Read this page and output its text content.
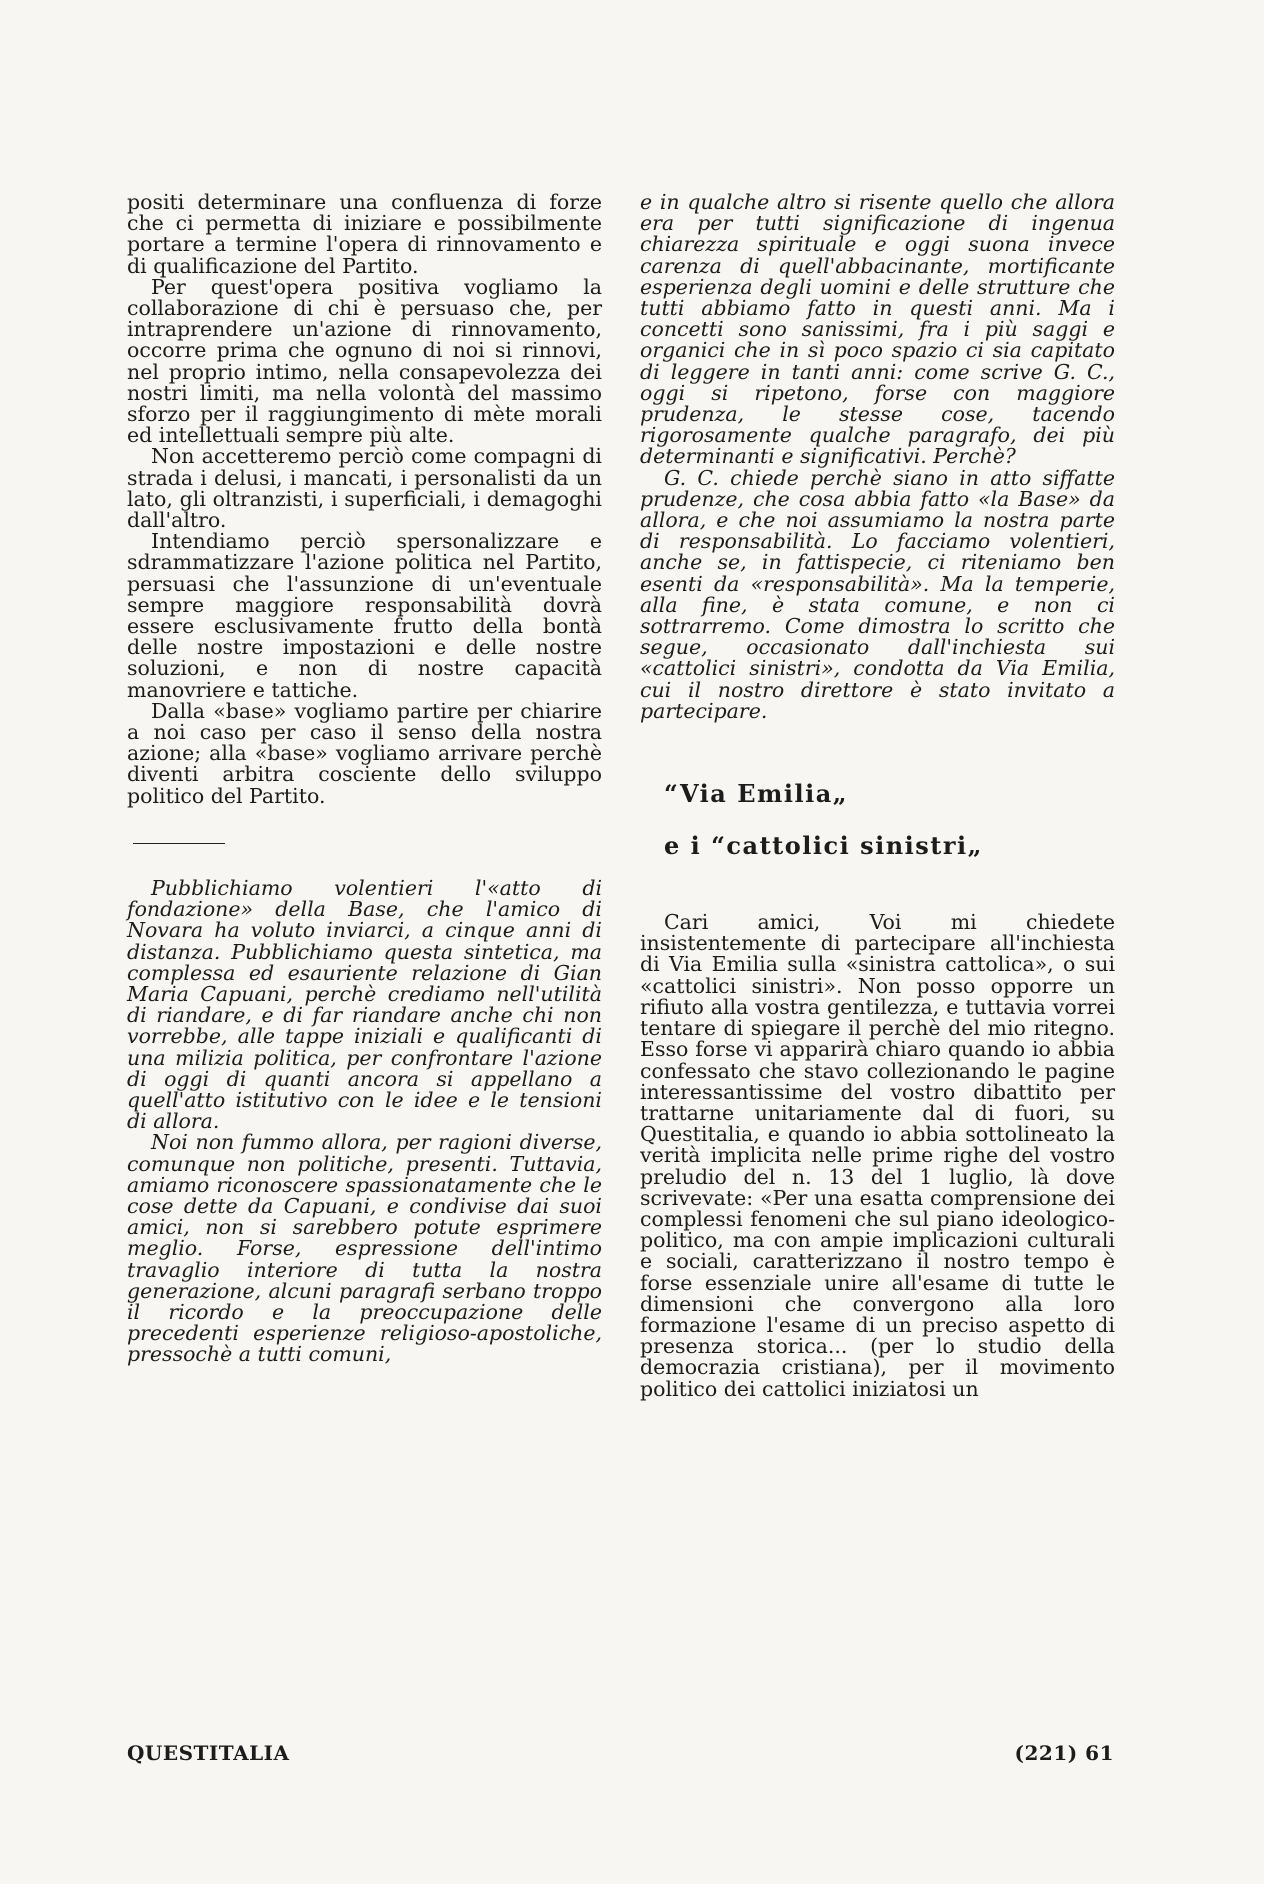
positi determinare una confluenza di forze che ci permetta di iniziare e possibilmente portare a termine l'opera di rinnovamento e di qualificazione del Partito.

Per quest'opera positiva vogliamo la collaborazione di chi è persuaso che, per intraprendere un'azione di rinnovamento, occorre prima che ognuno di noi si rinnovi, nel proprio intimo, nella consapevolezza dei nostri limiti, ma nella volontà del massimo sforzo per il raggiungimento di mète morali ed intellettuali sempre più alte.

Non accetteremo perciò come compagni di strada i delusi, i mancati, i personalisti da un lato, gli oltranzisti, i superficiali, i demagoghi dall'altro.

Intendiamo perciò spersonalizzare e sdrammatizzare l'azione politica nel Partito, persuasi che l'assunzione di un'eventuale sempre maggiore responsabilità dovrà essere esclusivamente frutto della bontà delle nostre impostazioni e delle nostre soluzioni, e non di nostre capacità manovriere e tattiche.

Dalla «base» vogliamo partire per chiarire a noi caso per caso il senso della nostra azione; alla «base» vogliamo arrivare perchè diventi arbitra cosciente dello sviluppo politico del Partito.

Pubblichiamo volentieri l'«atto di fondazione» della Base, che l'amico di Novara ha voluto inviarci, a cinque anni di distanza. Pubblichiamo questa sintetica, ma complessa ed esauriente relazione di Gian Maria Capuani, perchè crediamo nell'utilità di riandare, e di far riandare anche chi non vorrebbe, alle tappe iniziali e qualificanti di una milizia politica, per confrontare l'azione di oggi di quanti ancora si appellano a quell'atto istitutivo con le idee e le tensioni di allora.

Noi non fummo allora, per ragioni diverse, comunque non politiche, presenti. Tuttavia, amiamo riconoscere spassionatamente che le cose dette da Capuani, e condivise dai suoi amici, non si sarebbero potute esprimere meglio. Forse, espressione dell'intimo travaglio interiore di tutta la nostra generazione, alcuni paragrafi serbano troppo il ricordo e la preoccupazione delle precedenti esperienze religioso-apostoliche, pressochè a tutti comuni,

e in qualche altro si risente quello che allora era per tutti significazione di ingenua chiarezza spirituale e oggi suona invece carenza di quell'abbacinante, mortificante esperienza degli uomini e delle strutture che tutti abbiamo fatto in questi anni. Ma i concetti sono sanissimi, fra i più saggi e organici che in sì poco spazio ci sia capitato di leggere in tanti anni: come scrive G. C., oggi si ripetono, forse con maggiore prudenza, le stesse cose, tacendo rigorosamente qualche paragrafo, dei più determinanti e significativi. Perchè?

G. C. chiede perchè siano in atto siffatte prudenze, che cosa abbia fatto «la Base» da allora, e che noi assumiamo la nostra parte di responsabilità. Lo facciamo volentieri, anche se, in fattispecie, ci riteniamo ben esenti da «responsabilità». Ma la temperie, alla fine, è stata comune, e non ci sottrarremo. Come dimostra lo scritto che segue, occasionato dall'inchiesta sui «cattolici sinistri», condotta da Via Emilia, cui il nostro direttore è stato invitato a partecipare.

“Via Emilia„

e i “cattolici sinistri„

Cari amici, Voi mi chiedete insistentemente di partecipare all'inchiesta di Via Emilia sulla «sinistra cattolica», o sui «cattolici sinistri». Non posso opporre un rifiuto alla vostra gentilezza, e tuttavia vorrei tentare di spiegare il perchè del mio ritegno. Esso forse vi apparirà chiaro quando io abbia confessato che stavo collezionando le pagine interessantissime del vostro dibattito per trattarne unitariamente dal di fuori, su Questitalia, e quando io abbia sottolineato la verità implicita nelle prime righe del vostro preludio del n. 13 del 1 luglio, là dove scrivevate: «Per una esatta comprensione dei complessi fenomeni che sul piano ideologico-politico, ma con ampie implicazioni culturali e sociali, caratterizzano il nostro tempo è forse essenziale unire all'esame di tutte le dimensioni che convergono alla loro formazione l'esame di un preciso aspetto di presenza storica... (per lo studio della democrazia cristiana), per il movimento politico dei cattolici iniziatosi un

QUESTITALIA	(221) 61
